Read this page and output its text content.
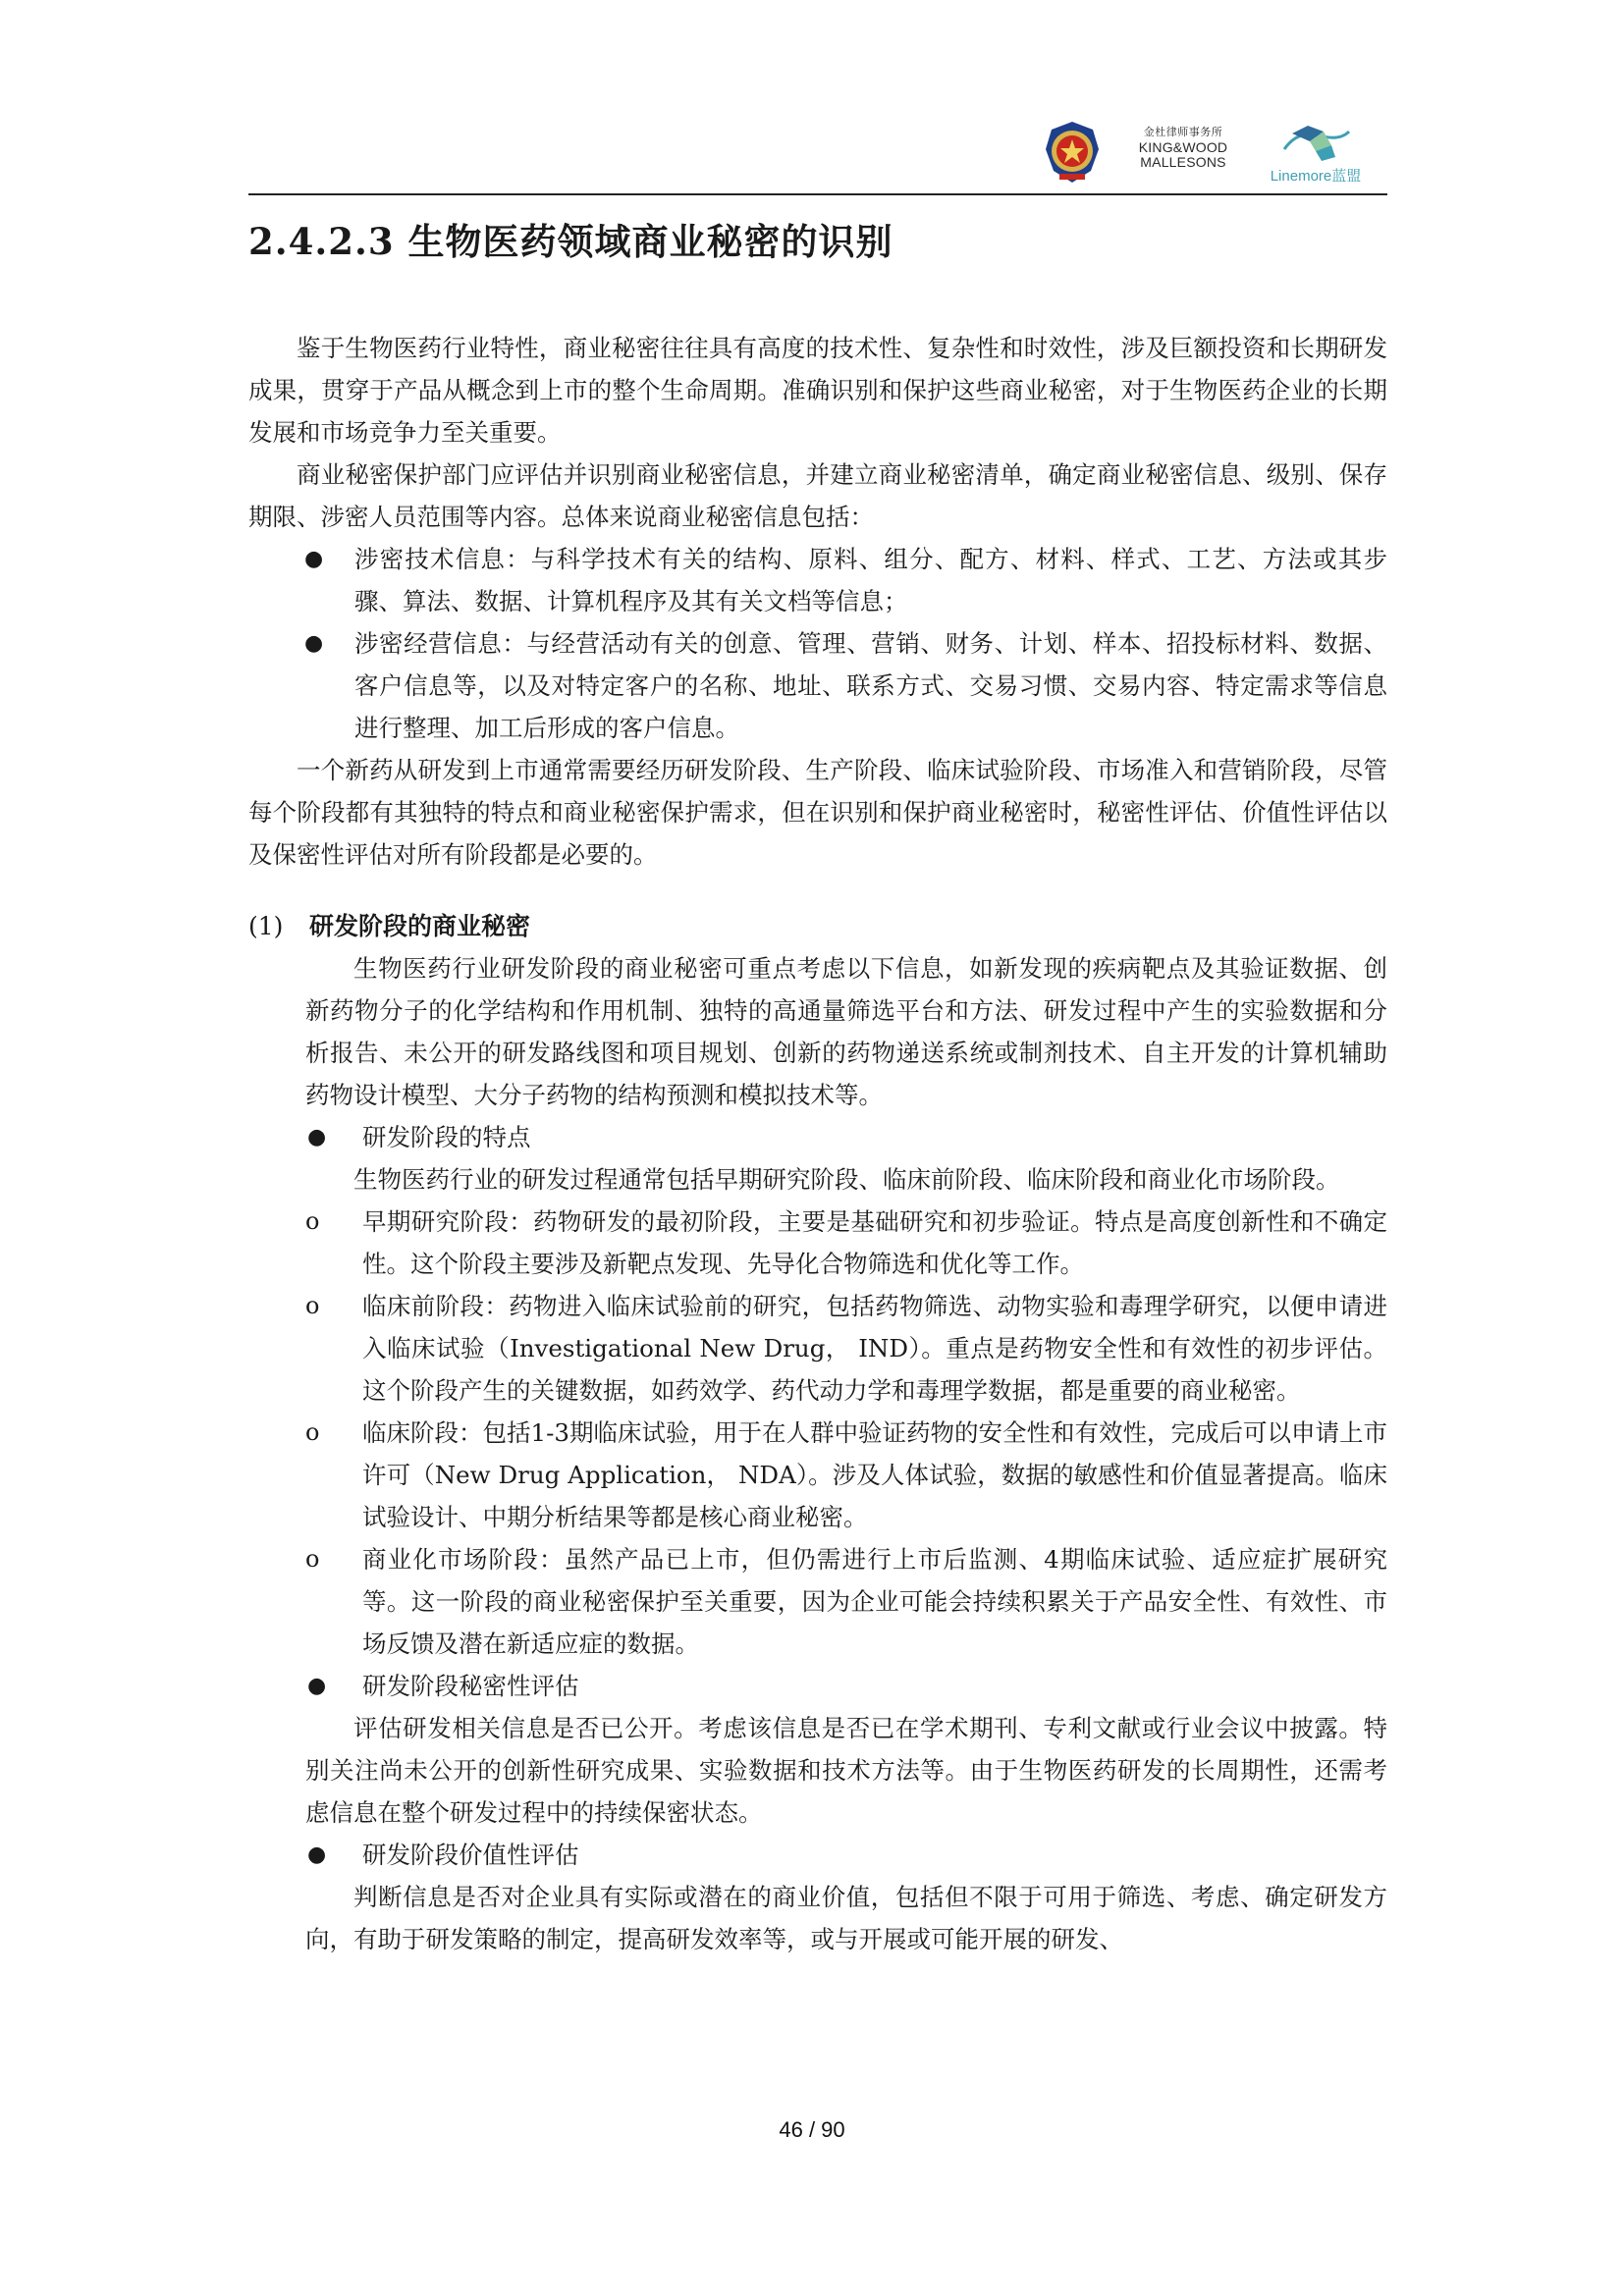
金杜律师事务所
KING&WOOD
MALLESONS
Linemore蓝盟
2.4.2.3 生物医药领域商业秘密的识别

鉴于生物医药行业特性，商业秘密往往具有高度的技术性、复杂性和时效性，涉及巨额投资和长期研发成果，贯穿于产品从概念到上市的整个生命周期。准确识别和保护这些商业秘密，对于生物医药企业的长期发展和市场竞争力至关重要。

商业秘密保护部门应评估并识别商业秘密信息，并建立商业秘密清单，确定商业秘密信息、级别、保存期限、涉密人员范围等内容。总体来说商业秘密信息包括：

● 涉密技术信息：与科学技术有关的结构、原料、组分、配方、材料、样式、工艺、方法或其步骤、算法、数据、计算机程序及其有关文档等信息；
● 涉密经营信息：与经营活动有关的创意、管理、营销、财务、计划、样本、招投标材料、数据、客户信息等，以及对特定客户的名称、地址、联系方式、交易习惯、交易内容、特定需求等信息进行整理、加工后形成的客户信息。

一个新药从研发到上市通常需要经历研发阶段、生产阶段、临床试验阶段、市场准入和营销阶段，尽管每个阶段都有其独特的特点和商业秘密保护需求，但在识别和保护商业秘密时，秘密性评估、价值性评估以及保密性评估对所有阶段都是必要的。

(1) 研发阶段的商业秘密

生物医药行业研发阶段的商业秘密可重点考虑以下信息，如新发现的疾病靶点及其验证数据、创新药物分子的化学结构和作用机制、独特的高通量筛选平台和方法、研发过程中产生的实验数据和分析报告、未公开的研发路线图和项目规划、创新的药物递送系统或制剂技术、自主开发的计算机辅助药物设计模型、大分子药物的结构预测和模拟技术等。

● 研发阶段的特点

生物医药行业的研发过程通常包括早期研究阶段、临床前阶段、临床阶段和商业化市场阶段。

o 早期研究阶段：药物研发的最初阶段，主要是基础研究和初步验证。特点是高度创新性和不确定性。这个阶段主要涉及新靶点发现、先导化合物筛选和优化等工作。
o 临床前阶段：药物进入临床试验前的研究，包括药物筛选、动物实验和毒理学研究，以便申请进入临床试验（Investigational New Drug， IND）。重点是药物安全性和有效性的初步评估。这个阶段产生的关键数据，如药效学、药代动力学和毒理学数据，都是重要的商业秘密。
o 临床阶段：包括1-3期临床试验，用于在人群中验证药物的安全性和有效性，完成后可以申请上市许可（New Drug Application， NDA）。涉及人体试验，数据的敏感性和价值显著提高。临床试验设计、中期分析结果等都是核心商业秘密。
o 商业化市场阶段：虽然产品已上市，但仍需进行上市后监测、4期临床试验、适应症扩展研究等。这一阶段的商业秘密保护至关重要，因为企业可能会持续积累关于产品安全性、有效性、市场反馈及潜在新适应症的数据。
● 研发阶段秘密性评估

评估研发相关信息是否已公开。考虑该信息是否已在学术期刊、专利文献或行业会议中披露。特别关注尚未公开的创新性研究成果、实验数据和技术方法等。由于生物医药研发的长周期性，还需考虑信息在整个研发过程中的持续保密状态。

● 研发阶段价值性评估

判断信息是否对企业具有实际或潜在的商业价值，包括但不限于可用于筛选、考虑、确定研发方向，有助于研发策略的制定，提高研发效率等，或与开展或可能开展的研发、

46 / 90
